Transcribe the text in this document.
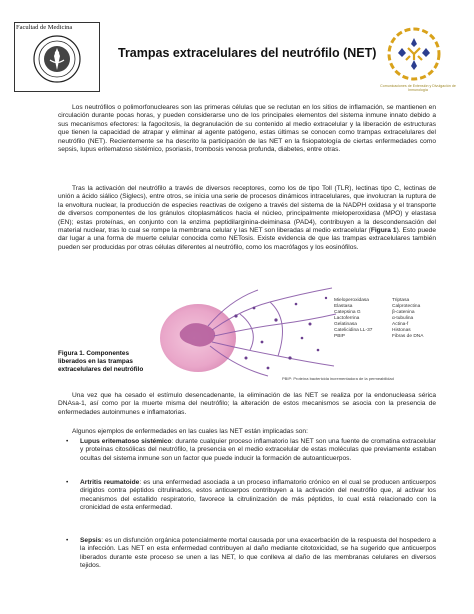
Facultad de Medicina
Trampas extracelulares del neutrófilo (NET)
Comunicaciones de Extensión y Divulgación de Inmunología
Los neutrófilos o polimorfonucleares son las primeras células que se reclutan en los sitios de inflamación, se mantienen en circulación durante pocas horas, y pueden considerarse uno de los principales elementos del sistema inmune innato debido a sus mecanismos efectores: la fagocitosis, la degranulación de su contenido al medio extracelular y la liberación de estructuras que tienen la capacidad de atrapar y eliminar al agente patógeno, estas últimas se conocen como trampas extracelulares del neutrófilo (NET). Recientemente se ha descrito la participación de las NET en la fisiopatología de ciertas enfermedades como sepsis, lupus eritematoso sistémico, psoriasis, trombosis venosa profunda, diabetes, entre otras.
Tras la activación del neutrófilo a través de diversos receptores, como los de tipo Toll (TLR), lectinas tipo C, lectinas de unión a ácido siálico (Siglecs), entre otros, se inicia una serie de procesos dinámicos intracelulares, que involucran la ruptura de la envoltura nuclear, la producción de especies reactivas de oxígeno a través del sistema de la NADPH oxidasa y el transporte de diversos componentes de los gránulos citoplasmáticos hacia el núcleo, principalmente mieloperoxidasa (MPO) y elastasa (EN); estas proteínas, en conjunto con la enzima peptidilarginina-deiminasa (PAD4), contribuyen a la descondensación del material nuclear, tras lo cual se rompe la membrana celular y las NET son liberadas al medio extracelular (Figura 1). Esto puede dar lugar a una forma de muerte celular conocida como NETosis. Existe evidencia de que las trampas extracelulares también pueden ser producidas por otras células diferentes al neutrófilo, como los macrófagos y los eosinófilos.
Mieloperoxidasa
Elastasa
Catepsina G
Lactoferrina
Gelatinasa
Catelicidina LL-37
PBIP
Triptasa
Calprotectina
β-catenina
α-tubulina
Actina-f
Histonas
Fibras de DNA
PBIP: Proteína bactericida incrementadora de la permeabilidad
Figura 1. Componentes liberados en las trampas extracelulares del neutrófilo
Una vez que ha cesado el estímulo desencadenante, la eliminación de las NET se realiza por la endonucleasa sérica DNAsa-1, así como por la muerte misma del neutrófilo; la alteración de estos mecanismos se asocia con la presencia de enfermedades autoinmunes e inflamatorias.
Algunos ejemplos de enfermedades en las cuales las NET están implicadas son:
• Lupus eritematoso sistémico: durante cualquier proceso inflamatorio las NET son una fuente de cromatina extracelular y proteínas citosólicas del neutrófilo, la presencia en el medio extracelular de estas moléculas que previamente estaban ocultas del sistema inmune son un factor que puede inducir la formación de autoanticuerpos.
• Artritis reumatoide: es una enfermedad asociada a un proceso inflamatorio crónico en el cual se producen anticuerpos dirigidos contra péptidos citrulinados, estos anticuerpos contribuyen a la activación del neutrófilo que, al activar los mecanismos del estallido respiratorio, favorece la citrulinización de más péptidos, lo cual está relacionado con la cronicidad de esta enfermedad.
• Sepsis: es un disfunción orgánica potencialmente mortal causada por una exacerbación de la respuesta del hospedero a la infección. Las NET en esta enfermedad contribuyen al daño mediante citotoxicidad, se ha sugerido que anticuerpos liberados durante este proceso se unen a las NET, lo que conlleva al daño de las membranas celulares en diversos tejidos.
